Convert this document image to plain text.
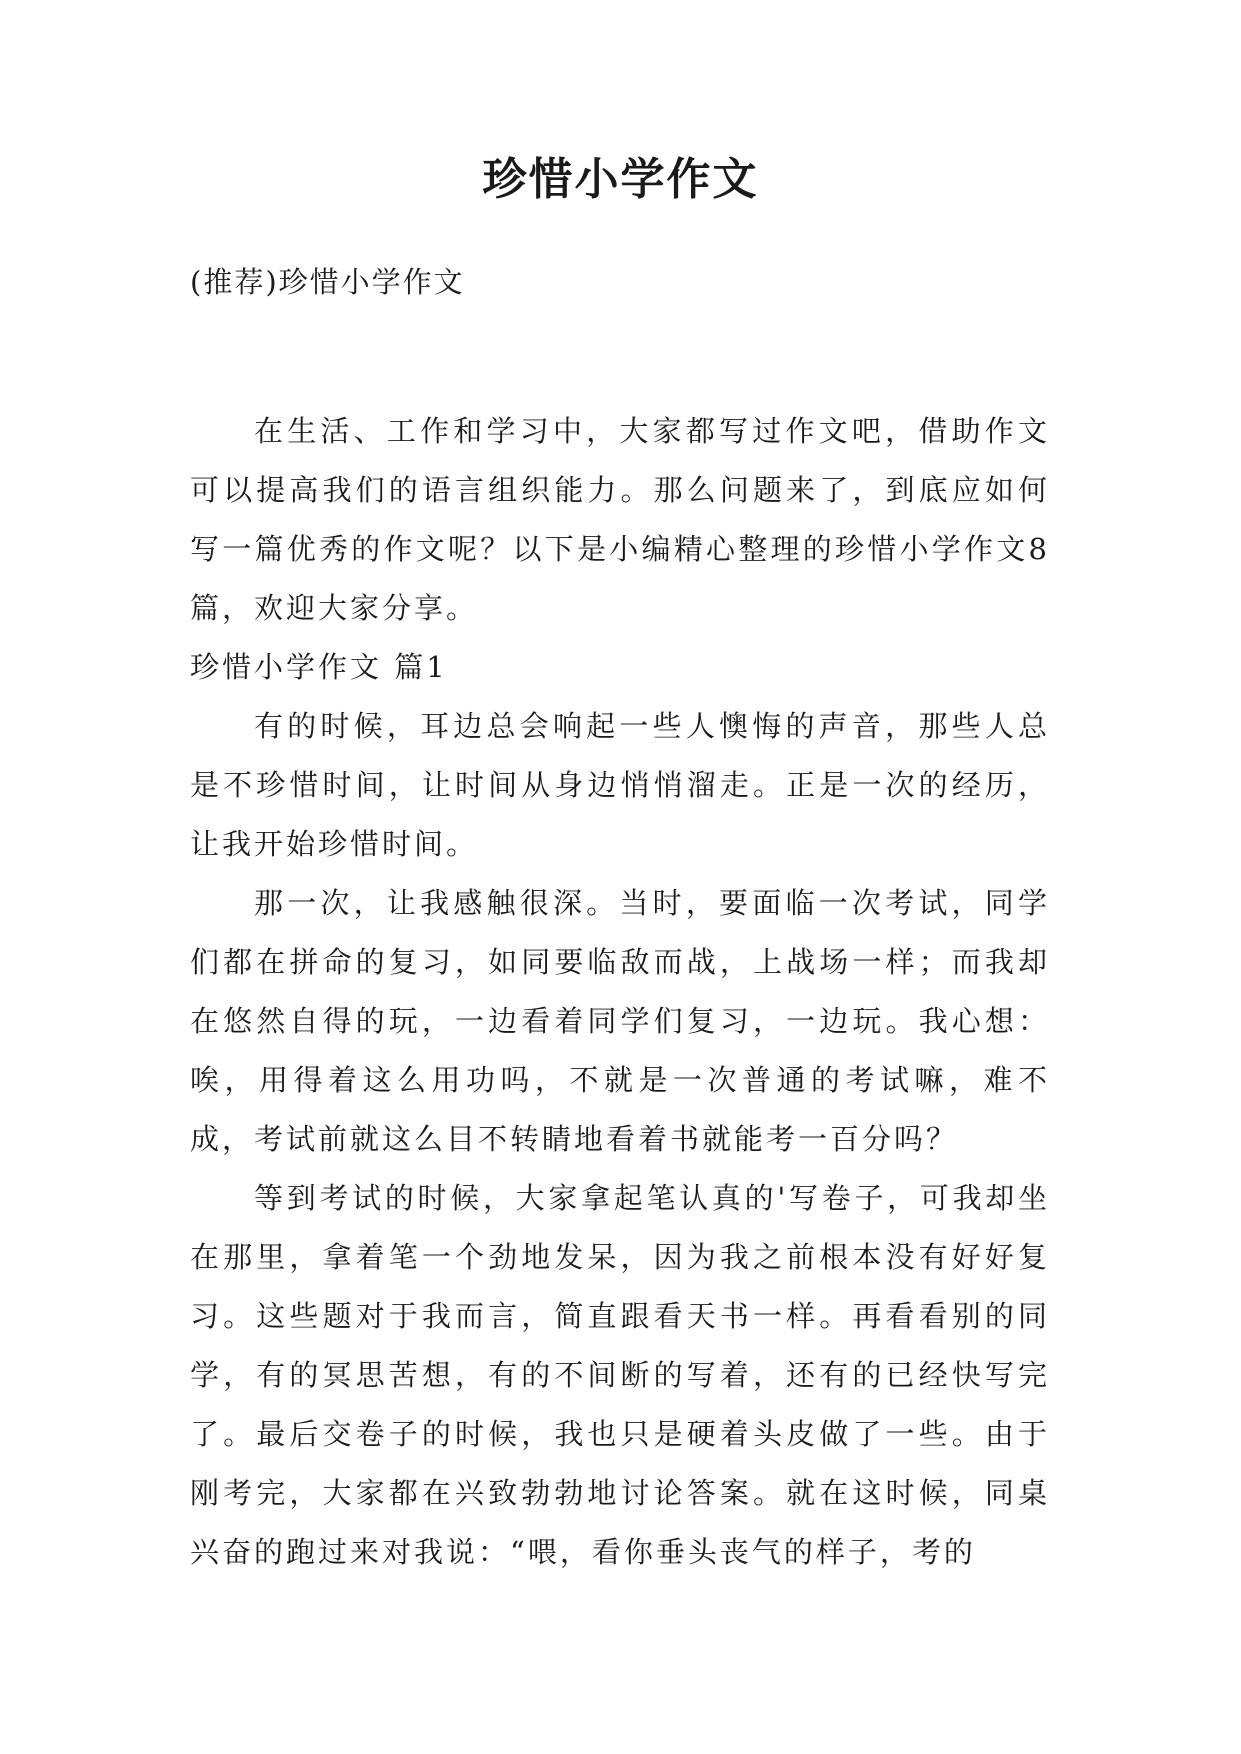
珍惜小学作文
(推荐)珍惜小学作文

在生活、工作和学习中，大家都写过作文吧，借助作文可以提高我们的语言组织能力。那么问题来了，到底应如何写一篇优秀的作文呢？以下是小编精心整理的珍惜小学作文8篇，欢迎大家分享。

珍惜小学作文 篇1

有的时候，耳边总会响起一些人懊悔的声音，那些人总是不珍惜时间，让时间从身边悄悄溜走。正是一次的经历，让我开始珍惜时间。

那一次，让我感触很深。当时，要面临一次考试，同学们都在拼命的复习，如同要临敌而战，上战场一样；而我却在悠然自得的玩，一边看着同学们复习，一边玩。我心想：唉，用得着这么用功吗，不就是一次普通的考试嘛，难不成，考试前就这么目不转睛地看着书就能考一百分吗？

等到考试的时候，大家拿起笔认真的'写卷子，可我却坐在那里，拿着笔一个劲地发呆，因为我之前根本没有好好复习。这些题对于我而言，简直跟看天书一样。再看看别的同学，有的冥思苦想，有的不间断的写着，还有的已经快写完了。最后交卷子的时候，我也只是硬着头皮做了一些。由于刚考完，大家都在兴致勃勃地讨论答案。就在这时候，同桌兴奋的跑过来对我说：“喂，看你垂头丧气的样子，考的
